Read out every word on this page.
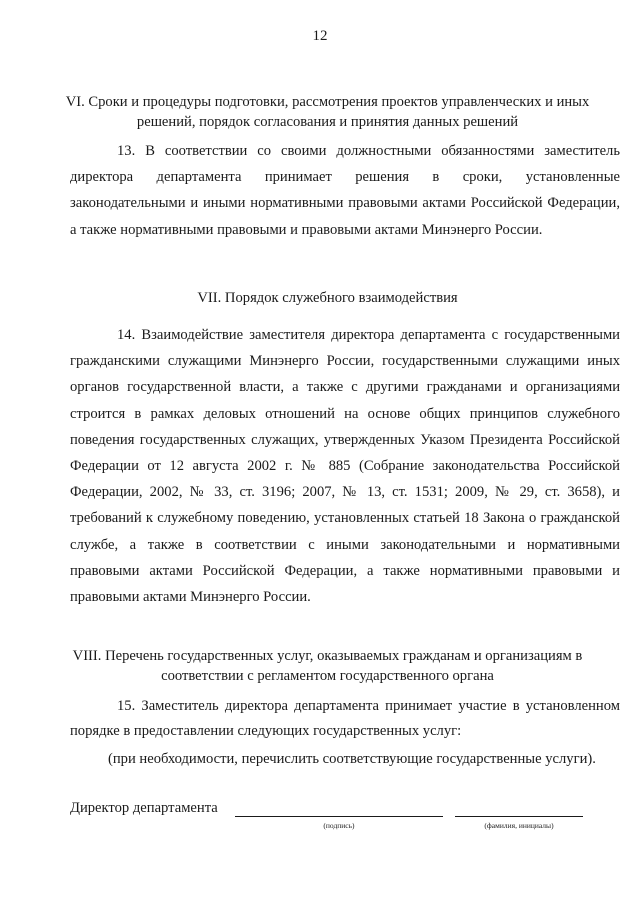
12
VI. Сроки и процедуры подготовки, рассмотрения проектов управленческих и иных
решений, порядок согласования и принятия данных решений

13. В соответствии со своими должностными обязанностями заместитель директора департамента принимает решения в сроки, установленные законодательными и иными нормативными правовыми актами Российской Федерации, а также нормативными правовыми и правовыми актами Минэнерго России.

VII. Порядок служебного взаимодействия

14. Взаимодействие заместителя директора департамента с государственными гражданскими служащими Минэнерго России, государственными служащими иных органов государственной власти, а также с другими гражданами и организациями строится в рамках деловых отношений на основе общих принципов служебного поведения государственных служащих, утвержденных Указом Президента Российской Федерации от 12 августа 2002 г. № 885 (Собрание законодательства Российской Федерации, 2002, № 33, ст. 3196; 2007, № 13, ст. 1531; 2009, № 29, ст. 3658), и требований к служебному поведению, установленных статьей 18 Закона о гражданской службе, а также в соответствии с иными законодательными и нормативными правовыми актами Российской Федерации, а также нормативными правовыми и правовыми актами Минэнерго России.

VIII. Перечень государственных услуг, оказываемых гражданам и организациям в
соответствии с регламентом государственного органа

15. Заместитель директора департамента принимает участие в установленном порядке в предоставлении следующих государственных услуг:

(при необходимости, перечислить соответствующие государственные услуги).

Директор департамента
(подпись)	(фамилия, инициалы)
